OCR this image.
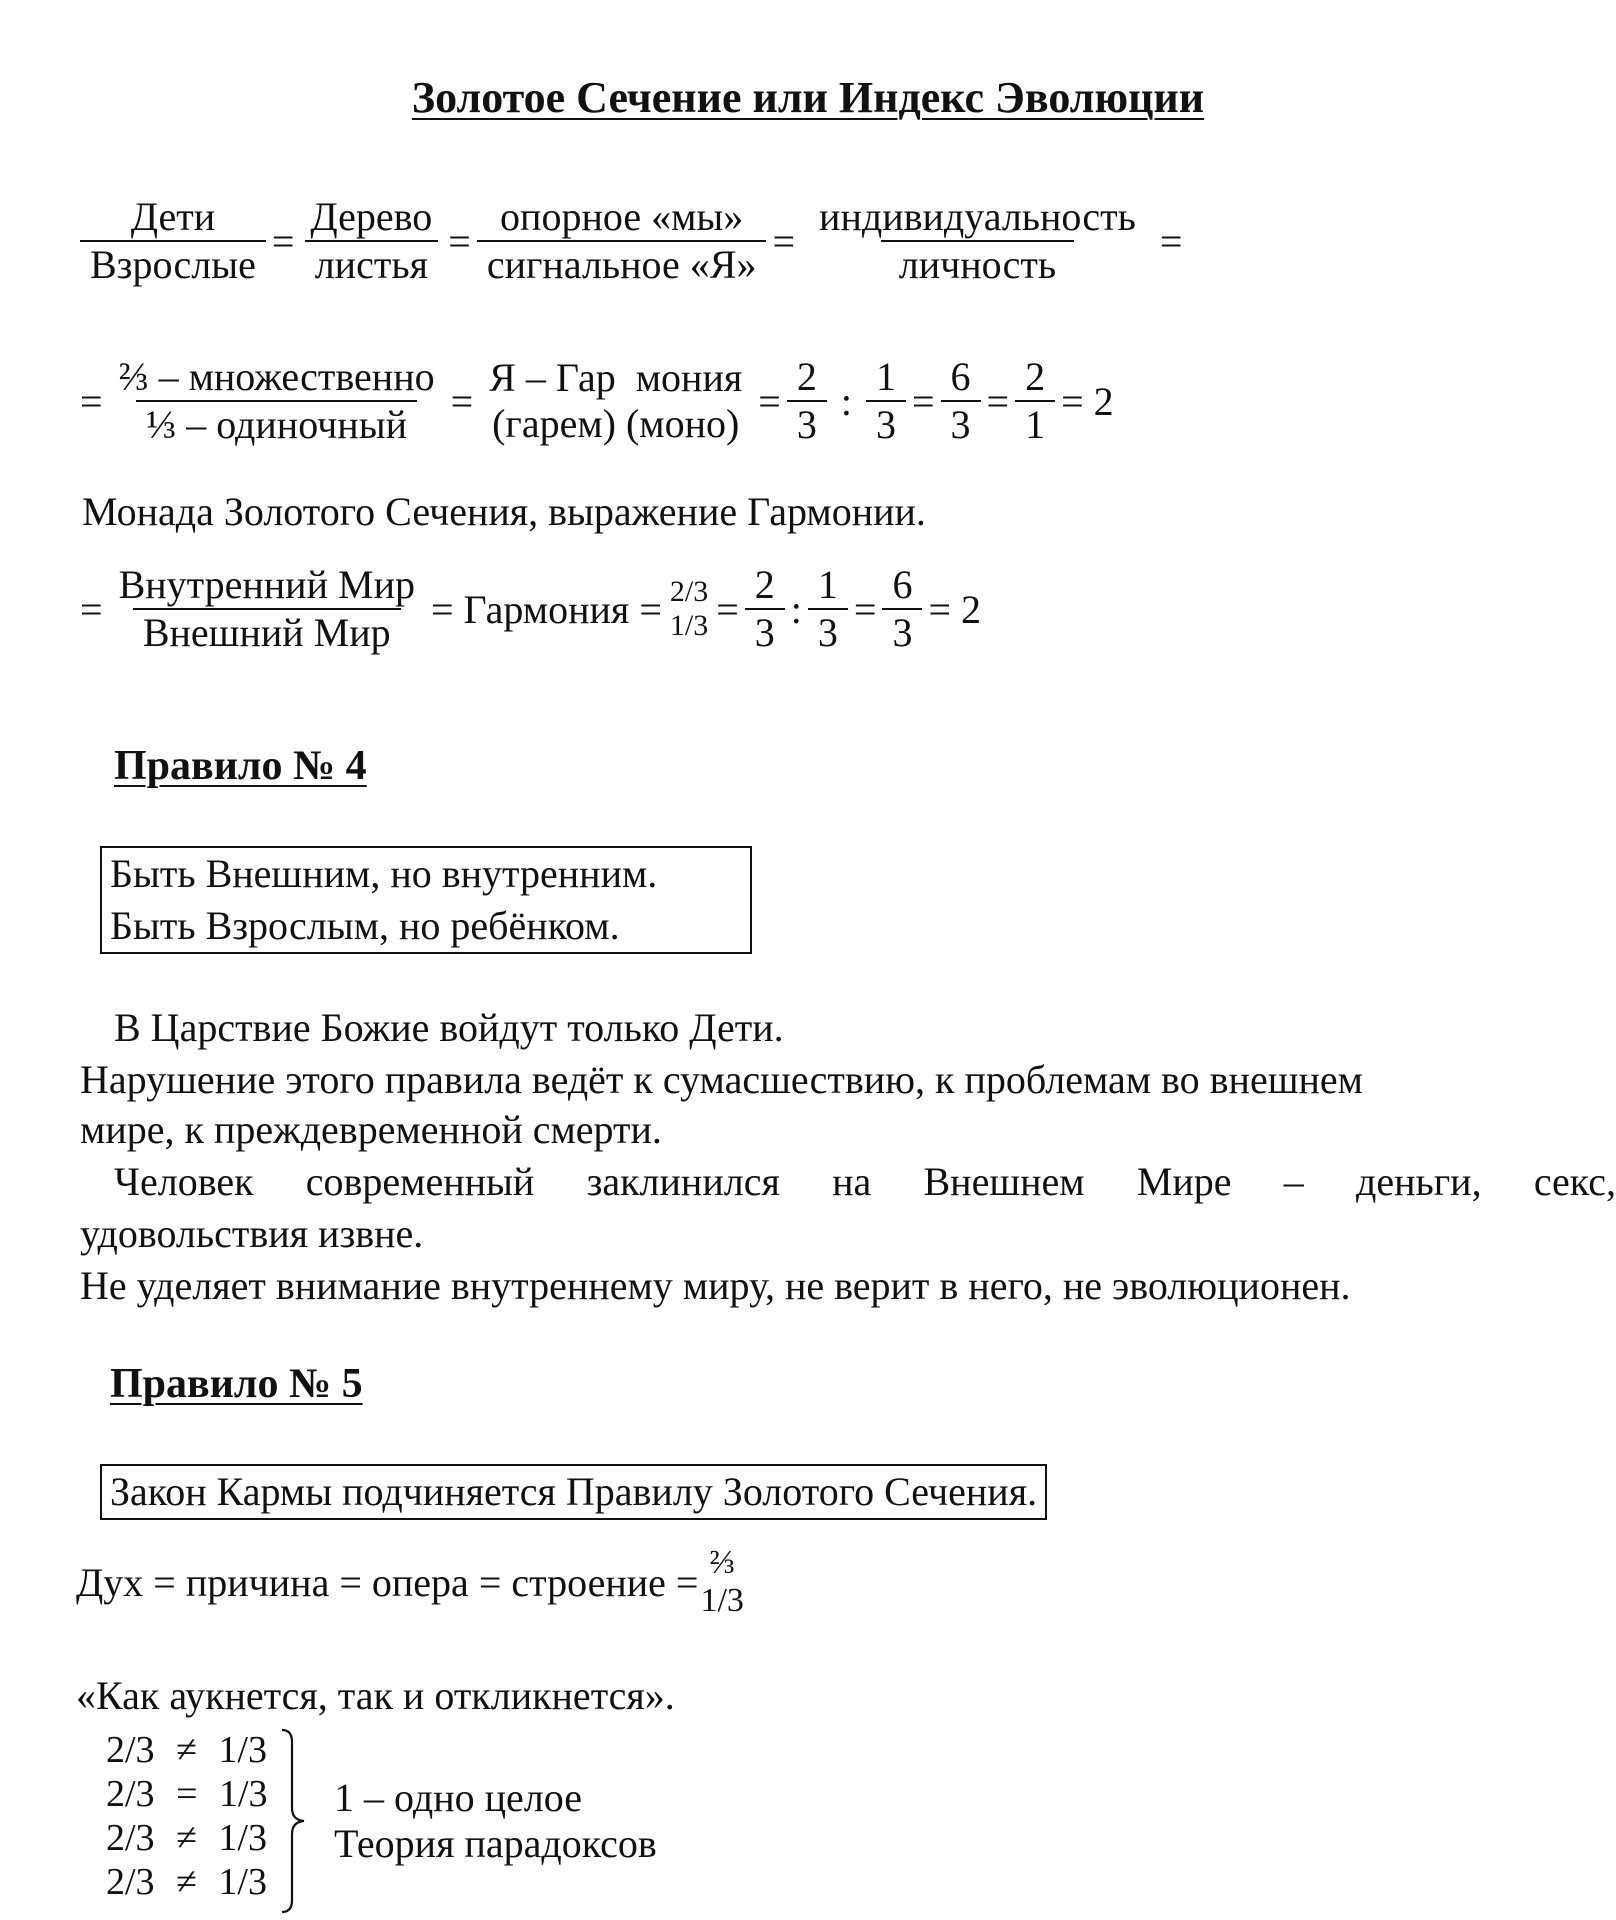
Золотое Сечение или Индекс Эволюции
$\frac{\text{Дети}}{\text{Взрослые}} = \frac{\text{Дерево}}{\text{листья}} = \frac{\text{опорное «мы»}}{\text{сигнальное «Я»}} = \frac{\text{индивидуальность}}{\text{личность}}$ =
= $\frac{\text{⅔ – множественно}}{\text{⅓ – одиночный}}$ =
Я – Гар  мония
(гарем) (моно) = $\frac{2}{3}$ : $\frac{1}{3} = \frac{6}{3} = \frac{2}{1} = 2$
Монада Золотого Сечения, выражение Гармонии.
= $\frac{\text{Внутренний Мир}}{\text{Внешний Мир}}$ = Гармония = 2/3
$1/3 = \frac{2}{3}$ : $\frac{1}{3} = \frac{6}{3} = 2$
Правило № 4
Быть Внешним, но внутренним.
Быть Взрослым, но ребёнком.
В Царствие Божие войдут только Дети.
Нарушение этого правила ведёт к сумасшествию, к проблемам во внешнем
мире, к преждевременной смерти.
Человек современный заклинился на Внешнем Мире – деньги, секс,
удовольствия извне.
Не уделяет внимание внутреннему миру, не верит в него, не эволюционен.
Правило № 5
Закон Кармы подчиняется Правилу Золотого Сечения.
Дух = причина = опера = строение = ⅔
1/3
«Как аукнется, так и откликнется».
2/3 ≠ 1/3
2/3 = 1/3
2/3 ≠ 1/3
2/3 ≠ 1/3
1 – одно целое
Теория парадоксов
